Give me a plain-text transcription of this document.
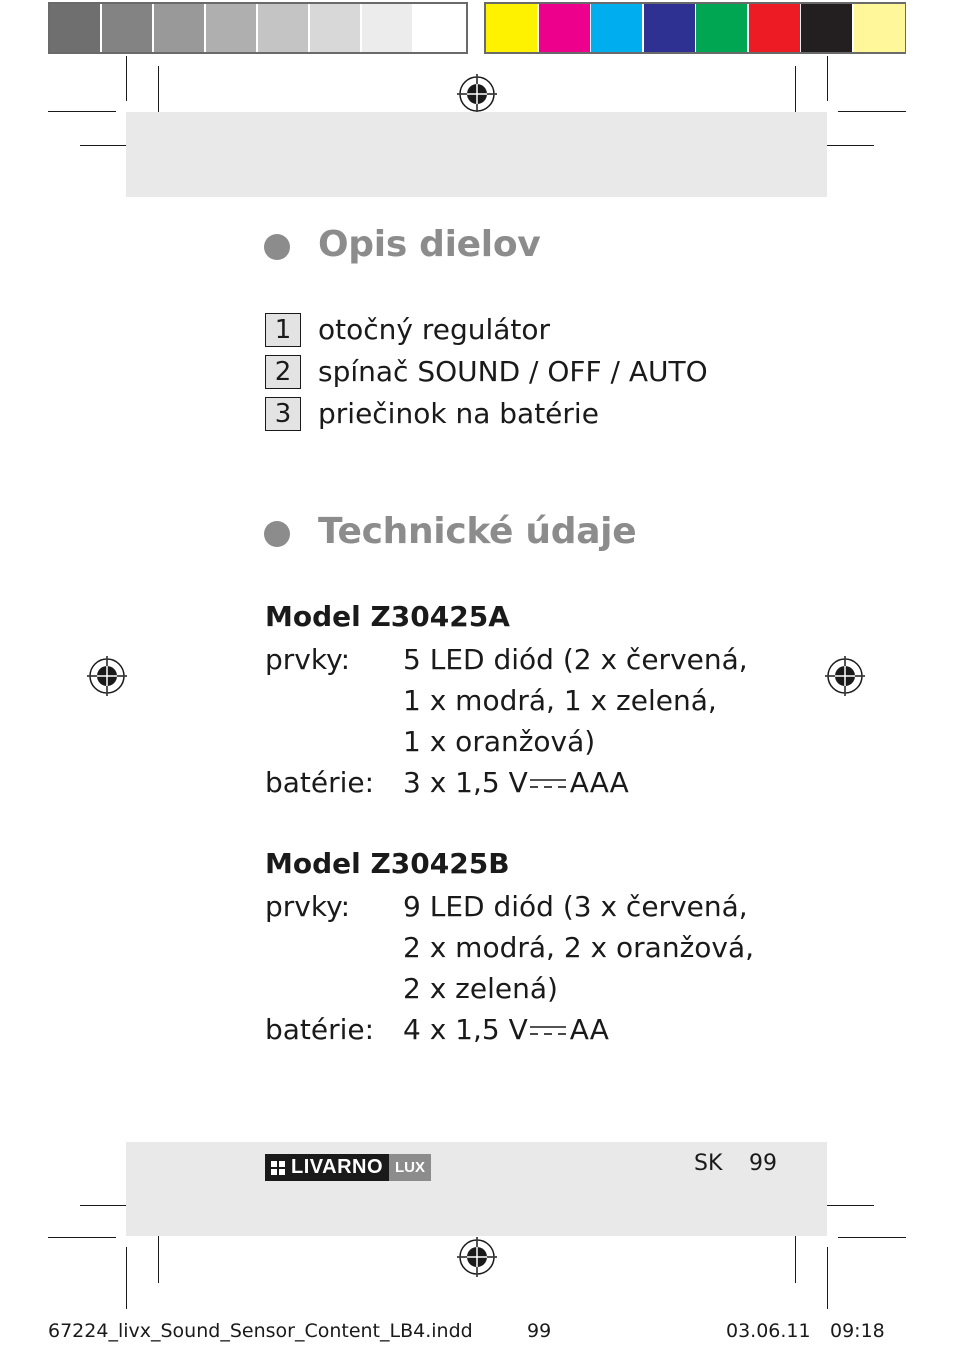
Opis dielov
1 otočný regulátor
2 spínač SOUND / OFF / AUTO
3 priečinok na batérie
Technické údaje
Model Z30425A
prvky: 5 LED diód (2 x červená,
1 x modrá, 1 x zelená,
1 x oranžová)
batérie: 3 x 1,5 V AAA
Model Z30425B
prvky: 9 LED diód (3 x červená,
2 x modrá, 2 x oranžová,
2 x zelená)
batérie: 4 x 1,5 V AA
LIVARNO LUX	SK 99
67224_livx_Sound_Sensor_Content_LB4.indd	99	03.06.11 09:18
